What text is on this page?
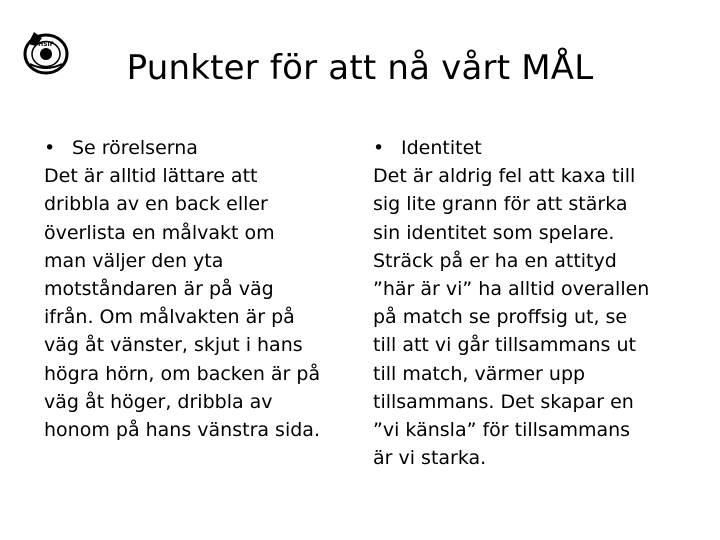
HSIF
Punkter för att nå vårt MÅL
• Se rörelserna
Det är alltid lättare att
dribbla av en back eller
överlista en målvakt om
man väljer den yta
motståndaren är på väg
ifrån. Om målvakten är på
väg åt vänster, skjut i hans
högra hörn, om backen är på
väg åt höger, dribbla av
honom på hans vänstra sida.
• Identitet
Det är aldrig fel att kaxa till
sig lite grann för att stärka
sin identitet som spelare.
Sträck på er ha en attityd
”här är vi” ha alltid overallen
på match se proffsig ut, se
till att vi går tillsammans ut
till match, värmer upp
tillsammans. Det skapar en
”vi känsla” för tillsammans
är vi starka.
